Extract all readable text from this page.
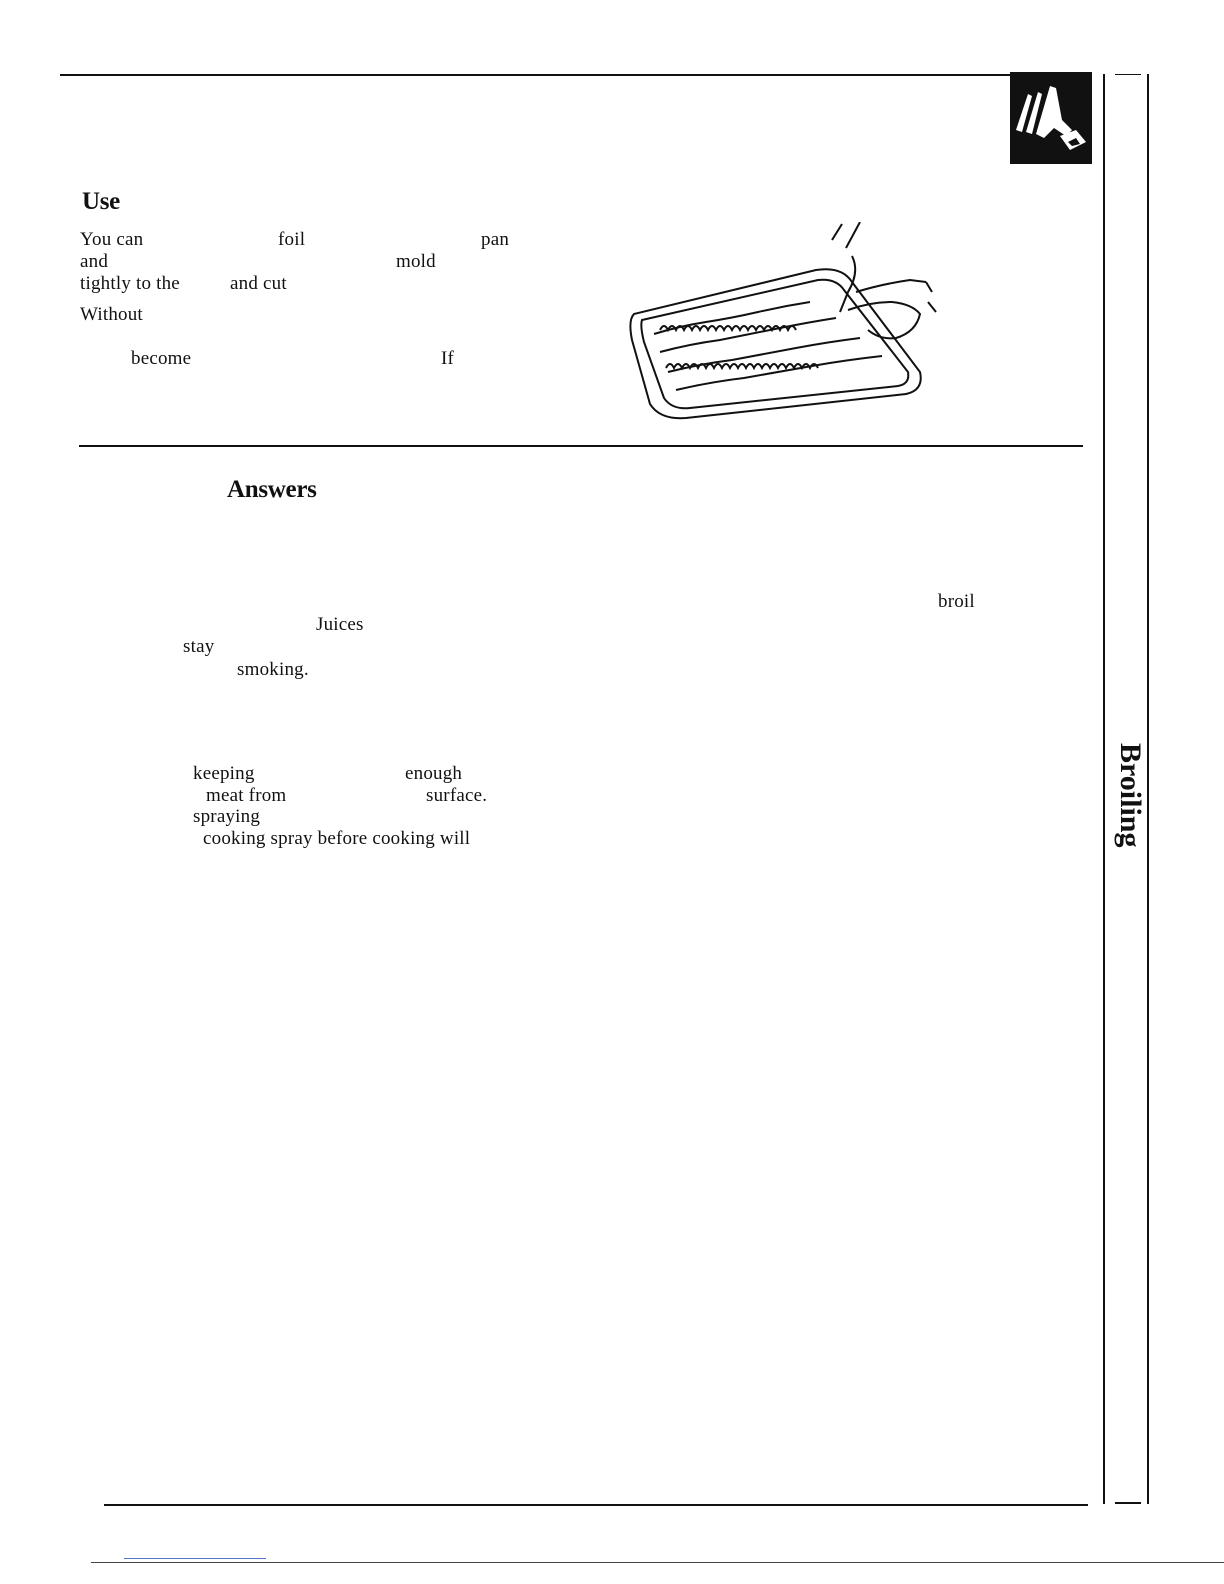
Use
You can	foil	pan
and	mold
tightly to the	and cut
Without
become	If
Answers
broil
Juices
stay
smoking.
keeping	enough
meat from	surface.
spraying
cooking spray before cooking will	Broiling
